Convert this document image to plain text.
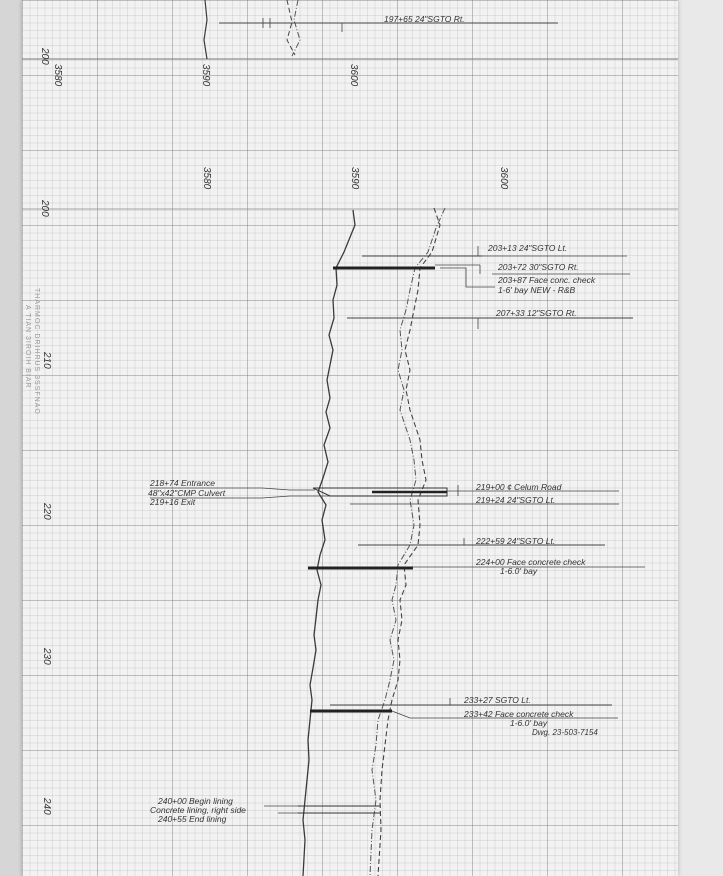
3580	3590	3600
200
3580	3590	3600
200
210
220
230
240
THARMOC DRIHRUS 3SSFNAO
A TIAN 3IROIH BIAR
197+65 24"SGTO Rt.
203+13 24"SGTO Lt.
203+72 30"SGTO Rt.
203+87 Face conc. check
1-6' bay NEW - R&B
207+33 12"SGTO Rt.
218+74 Entrance
48"x42"CMP Culvert
219+16 Exit
219+00 ¢ Celum Road
219+24 24"SGTO Lt.
222+59 24"SGTO Lt.
224+00 Face concrete check
1-6.0' bay
233+27 SGTO Lt.
233+42 Face concrete check
1-6.0' bay
Dwg. 23-503-7154
240+00 Begin lining
Concrete lining, right side
240+55 End lining
